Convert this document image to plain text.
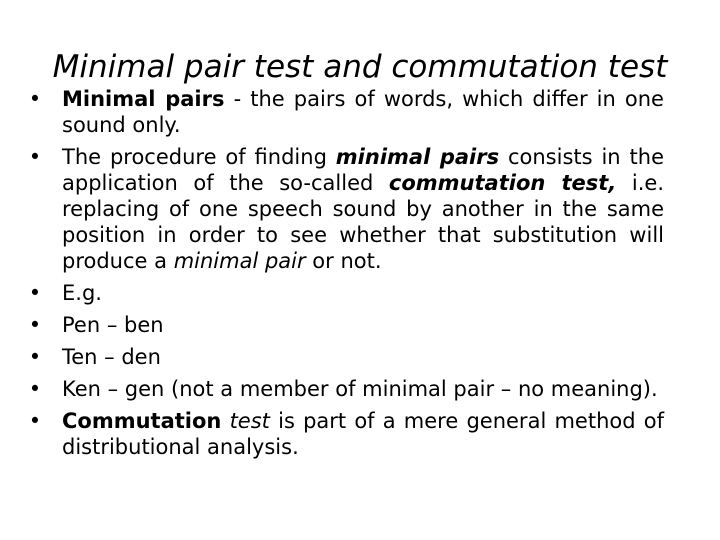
Minimal pair test and commutation test
• Minimal pairs - the pairs of words, which differ in one sound only.
• The procedure of finding minimal pairs consists in the application of the so-called commutation test, i.e. replacing of one speech sound by another in the same position in order to see whether that substitution will produce a minimal pair or not.
• E.g.
• Pen – ben
• Ten – den
• Ken – gen (not a member of minimal pair – no meaning).
• Commutation test is part of a mere general method of distributional analysis.
